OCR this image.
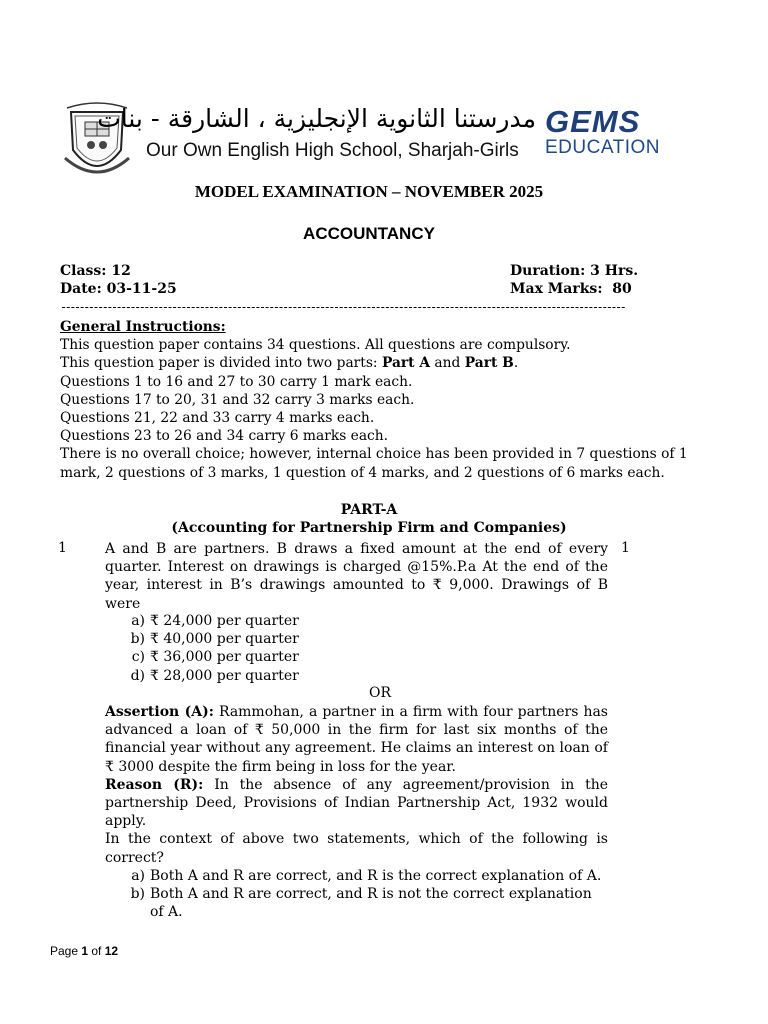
مدرستنا الثانوية الإنجليزية ، الشارقة - بنات
Our Own English High School, Sharjah-Girls
GEMS
EDUCATION
MODEL EXAMINATION – NOVEMBER 2025
ACCOUNTANCY
Class: 12
Date: 03-11-25
Duration: 3 Hrs.
Max Marks:  80
--------------------------------------------------------------------------------------------------------------------------

General Instructions:

This question paper contains 34 questions. All questions are compulsory.

This question paper is divided into two parts: Part A and Part B.

Questions 1 to 16 and 27 to 30 carry 1 mark each.

Questions 17 to 20, 31 and 32 carry 3 marks each.

Questions 21, 22 and 33 carry 4 marks each.

Questions 23 to 26 and 34 carry 6 marks each.

There is no overall choice; however, internal choice has been provided in 7 questions of 1 mark, 2 questions of 3 marks, 1 question of 4 marks, and 2 questions of 6 marks each.

PART-A
(Accounting for Partnership Firm and Companies)
1	1

A and B are partners. B draws a fixed amount at the end of every quarter. Interest on drawings is charged @15%.P.a At the end of the year, interest in B’s drawings amounted to ₹ 9,000. Drawings of B were

a) ₹ 24,000 per quarter
b) ₹ 40,000 per quarter
c) ₹ 36,000 per quarter
d) ₹ 28,000 per quarter
OR

Assertion (A): Rammohan, a partner in a firm with four partners has advanced a loan of ₹ 50,000 in the firm for last six months of the financial year without any agreement. He claims an interest on loan of ₹ 3000 despite the firm being in loss for the year.

Reason (R): In the absence of any agreement/provision in the partnership Deed, Provisions of Indian Partnership Act, 1932 would apply.

In the context of above two statements, which of the following is correct?

a) Both A and R are correct, and R is the correct explanation of A.
b) Both A and R are correct, and R is not the correct explanation of A.
Page 1 of 12
